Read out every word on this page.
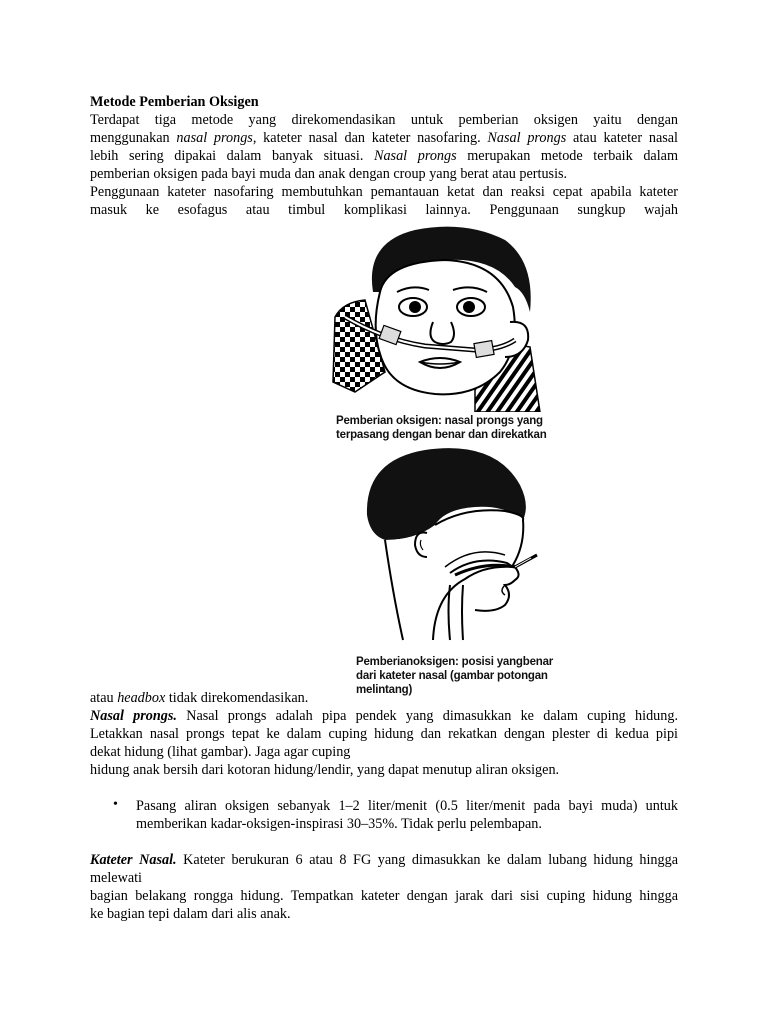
Metode Pemberian Oksigen
Terdapat tiga metode yang direkomendasikan untuk pemberian oksigen yaitu dengan
menggunakan nasal prongs, kateter nasal dan kateter nasofaring. Nasal prongs atau kateter nasal
lebih sering dipakai dalam banyak situasi. Nasal prongs merupakan metode terbaik dalam
pemberian oksigen pada bayi muda dan anak dengan croup yang berat atau pertusis.
Penggunaan kateter nasofaring membutuhkan pemantauan ketat dan reaksi cepat apabila kateter
masuk ke esofagus atau timbul komplikasi lainnya. Penggunaan sungkup wajah
Pemberian oksigen: nasal prongs yang
terpasang dengan benar dan direkatkan
Pemberianoksigen: posisi yangbenar
dari kateter nasal (gambar potongan
melintang)
atau headbox tidak direkomendasikan.
Nasal prongs. Nasal prongs adalah pipa pendek yang dimasukkan ke dalam cuping hidung.
Letakkan nasal prongs tepat ke dalam cuping hidung dan rekatkan dengan plester di kedua pipi
dekat hidung (lihat gambar). Jaga agar cuping
hidung anak bersih dari kotoran hidung/lendir, yang dapat menutup aliran oksigen.
• Pasang aliran oksigen sebanyak 1–2 liter/menit (0.5 liter/menit pada bayi muda) untuk
memberikan kadar-oksigen-inspirasi 30–35%. Tidak perlu pelembapan.
Kateter Nasal. Kateter berukuran 6 atau 8 FG yang dimasukkan ke dalam lubang hidung hingga
melewati
bagian belakang rongga hidung. Tempatkan kateter dengan jarak dari sisi cuping hidung hingga
ke bagian tepi dalam dari alis anak.
